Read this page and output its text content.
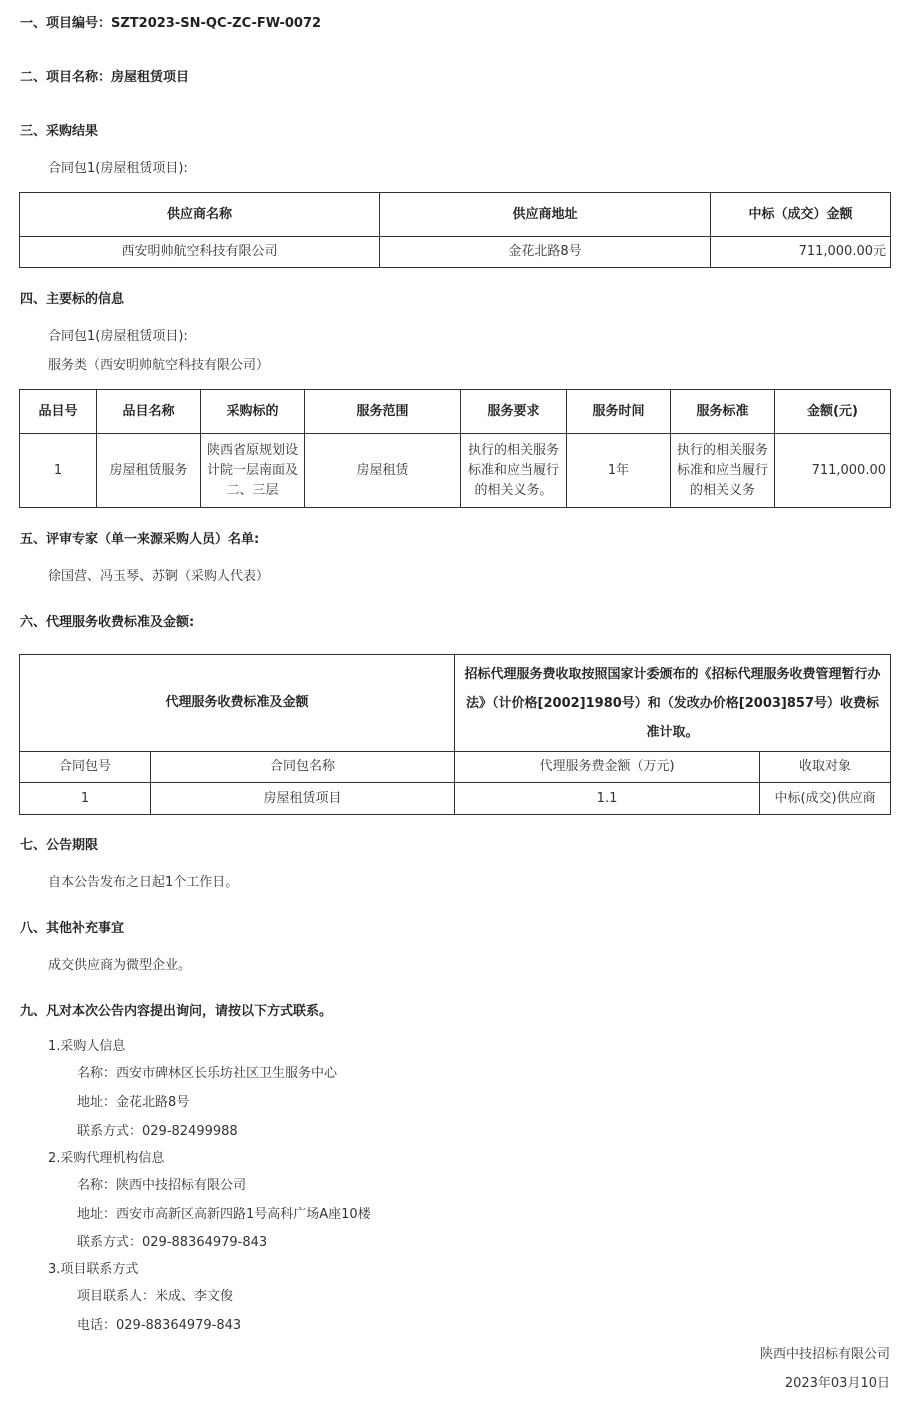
一、项目编号：SZT2023-SN-QC-ZC-FW-0072
二、项目名称：房屋租赁项目
三、采购结果
合同包1(房屋租赁项目):
供应商名称	供应商地址	中标（成交）金额
西安明帅航空科技有限公司	金花北路8号	711,000.00元
四、主要标的信息
合同包1(房屋租赁项目):
服务类（西安明帅航空科技有限公司）
品目号	品目名称	采购标的	服务范围	服务要求	服务时间	服务标准	金额(元)
1	房屋租赁服务	陕西省原规划设计院一层南面及二、三层	房屋租赁	执行的相关服务标准和应当履行的相关义务。	1年	执行的相关服务标准和应当履行的相关义务	711,000.00
五、评审专家（单一来源采购人员）名单:
徐国营、冯玉琴、苏锕（采购人代表）
六、代理服务收费标准及金额:
代理服务收费标准及金额		招标代理服务费收取按照国家计委颁布的《招标代理服务收费管理暂行办法》（计价格[2002]1980号）和（发改办价格[2003]857号）收费标准计取。	
合同包号	合同包名称	代理服务费金额（万元)	收取对象
1	房屋租赁项目	1.1	中标(成交)供应商
七、公告期限
自本公告发布之日起1个工作日。
八、其他补充事宜
成交供应商为微型企业。
九、凡对本次公告内容提出询问，请按以下方式联系。
1.采购人信息
名称：西安市碑林区长乐坊社区卫生服务中心
地址：金花北路8号
联系方式：029-82499988
2.采购代理机构信息
名称：陕西中技招标有限公司
地址：西安市高新区高新四路1号高科广场A座10楼
联系方式：029-88364979-843
3.项目联系方式
项目联系人：米成、李文俊
电话：029-88364979-843
陕西中技招标有限公司
2023年03月10日
